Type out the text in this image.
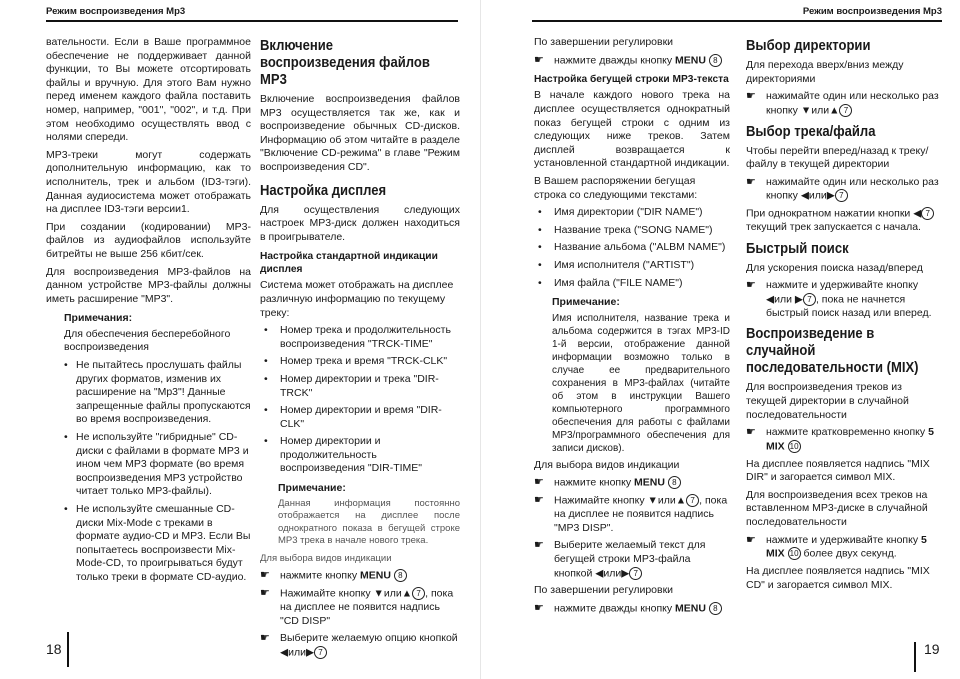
Режим воспроизведения Mp3

вательности. Если в Ваше программное обеспечение не поддерживает данной функции, то Вы можете отсортировать файлы и вручную. Для этого Вам нужно перед именем каждого файла поставить номер, например, "001", "002", и т.д. При этом необходимо осуществлять ввод с нолями спереди.

MP3-треки могут содержать дополнительную информацию, как то исполнитель, трек и альбом (ID3-тэги). Данная аудиосистема может отображать на дисплее ID3-тэги версии1.

При создании (кодировании) MP3-файлов из аудиофайлов используйте битрейты не выше 256 кбит/сек.

Для воспроизведения MP3-файлов на данном устройстве MP3-файлы должны иметь расширение "MP3".

Примечания:

Для обеспечения бесперебойного воспроизведения

• Не пытайтесь прослушать файлы других форматов, изменив их расширение на "Mp3"! Данные запрещенные файлы пропускаются во время воспроизведения.
• Не используйте "гибридные" CD-диски с файлами в формате MP3 и ином чем MP3 формате (во время воспроизведения MP3 устройство читает только MP3-файлы).
• Не используйте смешанные CD-диски Mix-Mode с треками в формате аудио-CD и MP3. Если Вы попытаетесь воспроизвести Mix-Mode-CD, то проигрываться будут только треки в формате CD-аудио.
Включение воспроизведения файлов MP3

Включение воспроизведения файлов MP3 осуществляется так же, как и воспроизведение обычных CD-дисков. Информацию об этом читайте в разделе "Включение CD-режима" в главе "Режим воспроизведения CD".

Настройка дисплея

Для осуществления следующих настроек MP3-диск должен находиться в проигрывателе.

Настройка стандартной индикации дисплея

Система может отображать на дисплее различную информацию по текущему треку:

• Номер трека и продолжительность воспроизведения "TRCK-TIME"
• Номер трека и время "TRCK-CLK"
• Номер директории и трека "DIR-TRCK"
• Номер директории и время "DIR-CLK"
• Номер директории и продолжительность воспроизведения "DIR-TIME"
Примечание:

Данная информация постоянно отображается на дисплее после однократного показа в бегущей строке MP3 трека в начале нового трека.

Для выбора видов индикации

☛ нажмите кнопку MENU 8
☛ Нажимайте кнопку ▼или▲ 7 , пока на дисплее не появится надпись "CD DISP"
☛ Выберите желаемую опцию кнопкой ◀или▶ 7
18
Режим воспроизведения Mp3

По завершении регулировки

☛ нажмите дважды кнопку MENU 8
Настройка бегущей строки MP3-текста

В начале каждого нового трека на дисплее осуществляется однократный показ бегущей строки с одним из следующих ниже треков. Затем дисплей возвращается к установленной стандартной индикации.

В Вашем распоряжении бегущая строка со следующими текстами:

• Имя директории ("DIR NAME")
• Название трека ("SONG NAME")
• Название альбома ("ALBM NAME")
• Имя исполнителя ("ARTIST")
• Имя файла ("FILE NAME")
Примечание:

Имя исполнителя, название трека и альбома содержится в тэгах MP3-ID 1-й версии, отображение данной информации возможно только в случае ее предварительного сохранения в MP3-файлах (читайте об этом в инструкции Вашего компьютерного программного обеспечения для работы с файлами MP3/программного обеспечения для записи дисков).

Для выбора видов индикации

☛ нажмите кнопку MENU 8
☛ Нажимайте кнопку ▼или▲ 7 , пока на дисплее не появится надпись "MP3 DISP".
☛ Выберите желаемый текст для бегущей строки MP3-файла кнопкой ◀или▶ 7

По завершении регулировки

☛ нажмите дважды кнопку MENU 8
Выбор директории

Для перехода вверх/вниз между директориями

☛ нажимайте один или несколько раз кнопку ▼или▲ 7
Выбор трека/файла

Чтобы перейти вперед/назад к треку/файлу в текущей директории

☛ нажимайте один или несколько раз кнопку ◀или▶ 7

При однократном нажатии кнопки ◀ 7 текущий трек запускается с начала.

Быстрый поиск

Для ускорения поиска назад/вперед

☛ нажмите и удерживайте кнопку ◀или ▶ 7 , пока не начнется быстрый поиск назад или вперед.
Воспроизведение в случайной последовательности (MIX)

Для воспроизведения треков из текущей директории в случайной последовательности

☛ нажмите кратковременно кнопку 5 MIX 10

На дисплее появляется надпись "MIX DIR" и загорается символ MIX.

Для воспроизведения всех треков на вставленном MP3-диске в случайной последовательности

☛ нажмите и удерживайте кнопку 5 MIX 10 более двух секунд.

На дисплее появляется надпись "MIX CD" и загорается символ MIX.

19
